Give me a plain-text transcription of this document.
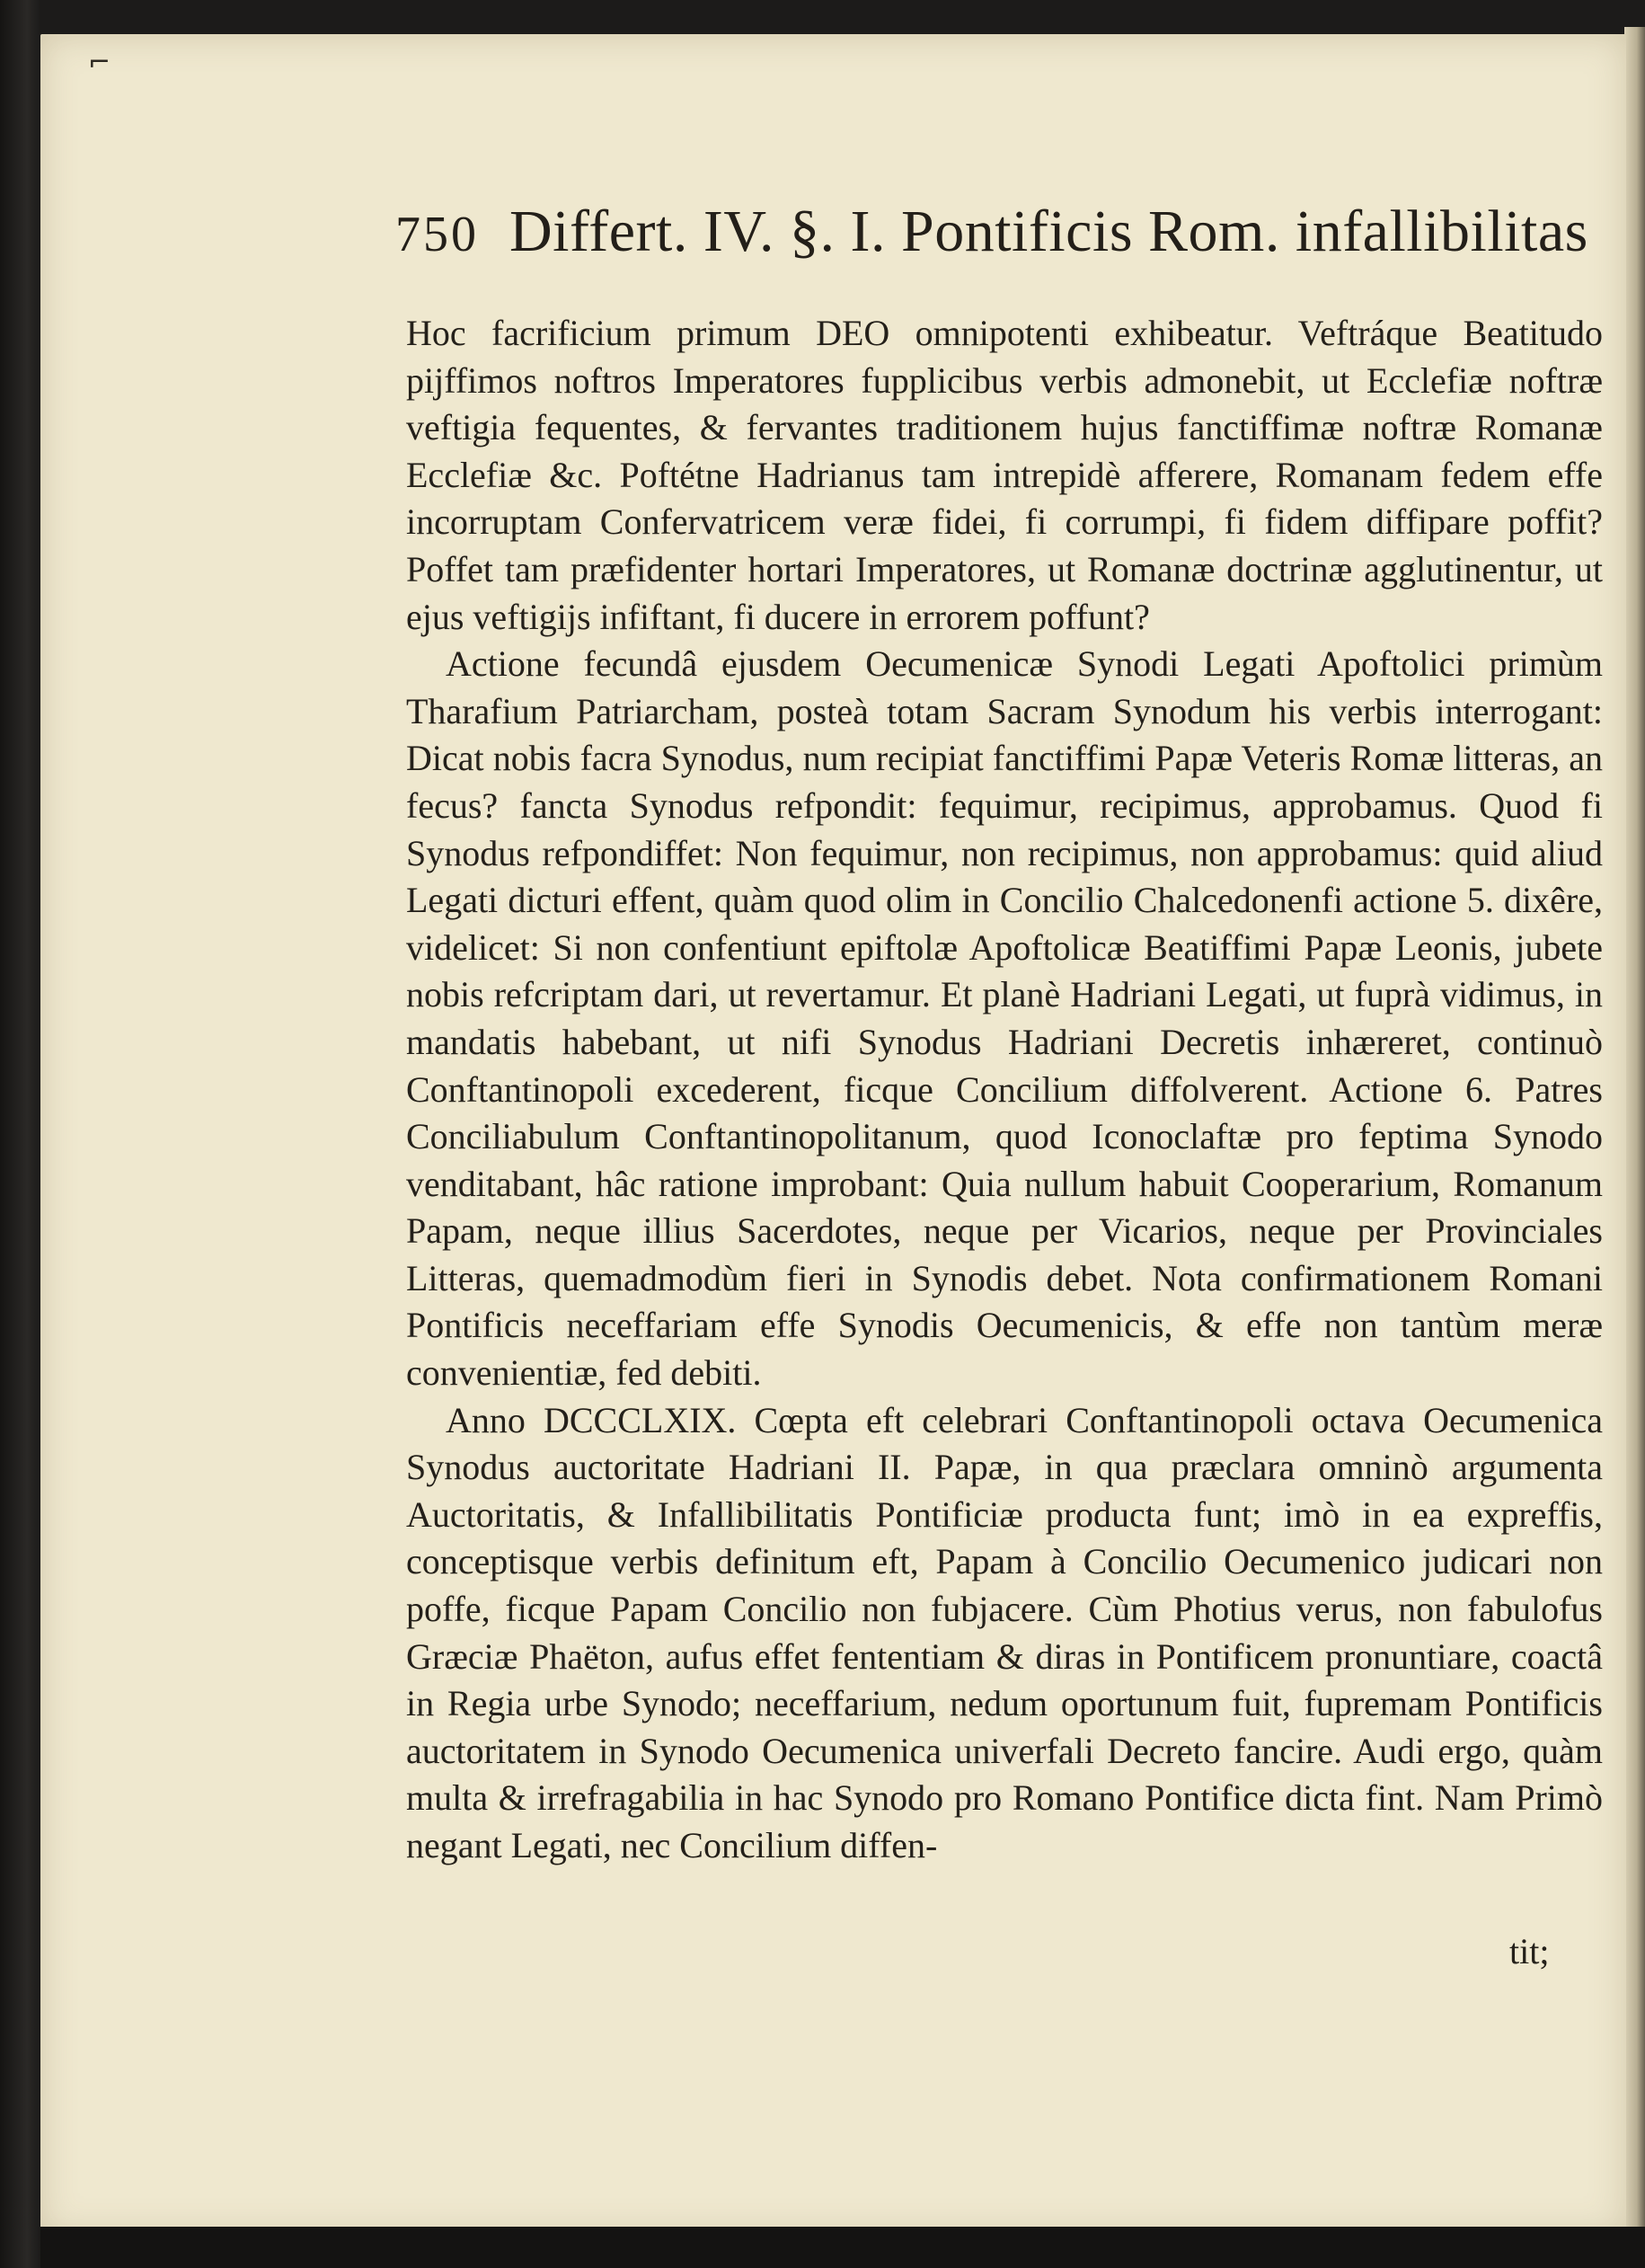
⌐
750 Differt. IV. §. I. Pontificis Rom. infallibilitas

Hoc facrificium primum DEO omnipotenti exhibeatur. Veftráque Beatitudo pijffimos noftros Imperatores fupplicibus verbis admonebit, ut Ecclefiæ noftræ veftigia fequentes, & fervantes traditionem hujus fanctiffimæ noftræ Romanæ Ecclefiæ &c. Poftétne Hadrianus tam intrepidè afferere, Romanam fedem effe incorruptam Confervatricem veræ fidei, fi corrumpi, fi fidem diffipare poffit? Poffet tam præfidenter hortari Imperatores, ut Romanæ doctrinæ agglutinentur, ut ejus veftigijs infiftant, fi ducere in errorem poffunt?

Actione fecundâ ejusdem Oecumenicæ Synodi Legati Apoftolici primùm Tharafium Patriarcham, posteà totam Sacram Synodum his verbis interrogant: Dicat nobis facra Synodus, num recipiat fanctiffimi Papæ Veteris Romæ litteras, an fecus? fancta Synodus refpondit: fequimur, recipimus, approbamus. Quod fi Synodus refpondiffet: Non fequimur, non recipimus, non approbamus: quid aliud Legati dicturi effent, quàm quod olim in Concilio Chalcedonenfi actione 5. dixêre, videlicet: Si non confentiunt epiftolæ Apoftolicæ Beatiffimi Papæ Leonis, jubete nobis refcriptam dari, ut revertamur. Et planè Hadriani Legati, ut fuprà vidimus, in mandatis habebant, ut nifi Synodus Hadriani Decretis inhæreret, continuò Conftantinopoli excederent, ficque Concilium diffolverent. Actione 6. Patres Conciliabulum Conftantinopolitanum, quod Iconoclaftæ pro feptima Synodo venditabant, hâc ratione improbant: Quia nullum habuit Cooperarium, Romanum Papam, neque illius Sacerdotes, neque per Vicarios, neque per Provinciales Litteras, quemadmodùm fieri in Synodis debet. Nota confirmationem Romani Pontificis neceffariam effe Synodis Oecumenicis, & effe non tantùm meræ convenientiæ, fed debiti.

Anno DCCCLXIX. Cœpta eft celebrari Conftantinopoli octava Oecumenica Synodus auctoritate Hadriani II. Papæ, in qua præclara omninò argumenta Auctoritatis, & Infallibilitatis Pontificiæ producta funt; imò in ea expreffis, conceptisque verbis definitum eft, Papam à Concilio Oecumenico judicari non poffe, ficque Papam Concilio non fubjacere. Cùm Photius verus, non fabulofus Græciæ Phaëton, aufus effet fententiam & diras in Pontificem pronuntiare, coactâ in Regia urbe Synodo; neceffarium, nedum oportunum fuit, fupremam Pontificis auctoritatem in Synodo Oecumenica univerfali Decreto fancire. Audi ergo, quàm multa & irrefragabilia in hac Synodo pro Romano Pontifice dicta fint. Nam Primò negant Legati, nec Concilium diffen-

tit;
